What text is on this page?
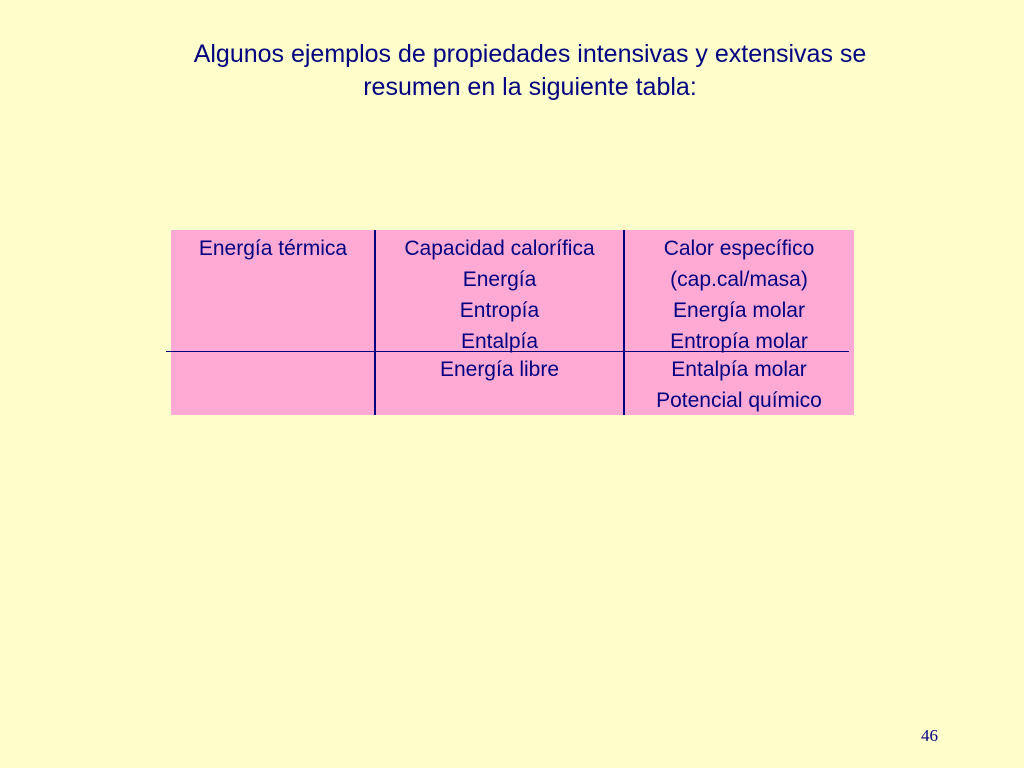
Algunos ejemplos de propiedades intensivas y extensivas se
resumen en la siguiente tabla:
Energía térmica	Capacidad calorífica
Energía
Entropía
Entalpía
Calor específico
(cap.cal/masa)
Energía molar
Entropía molar
Energía libre	Entalpía molar
Potencial químico
46
